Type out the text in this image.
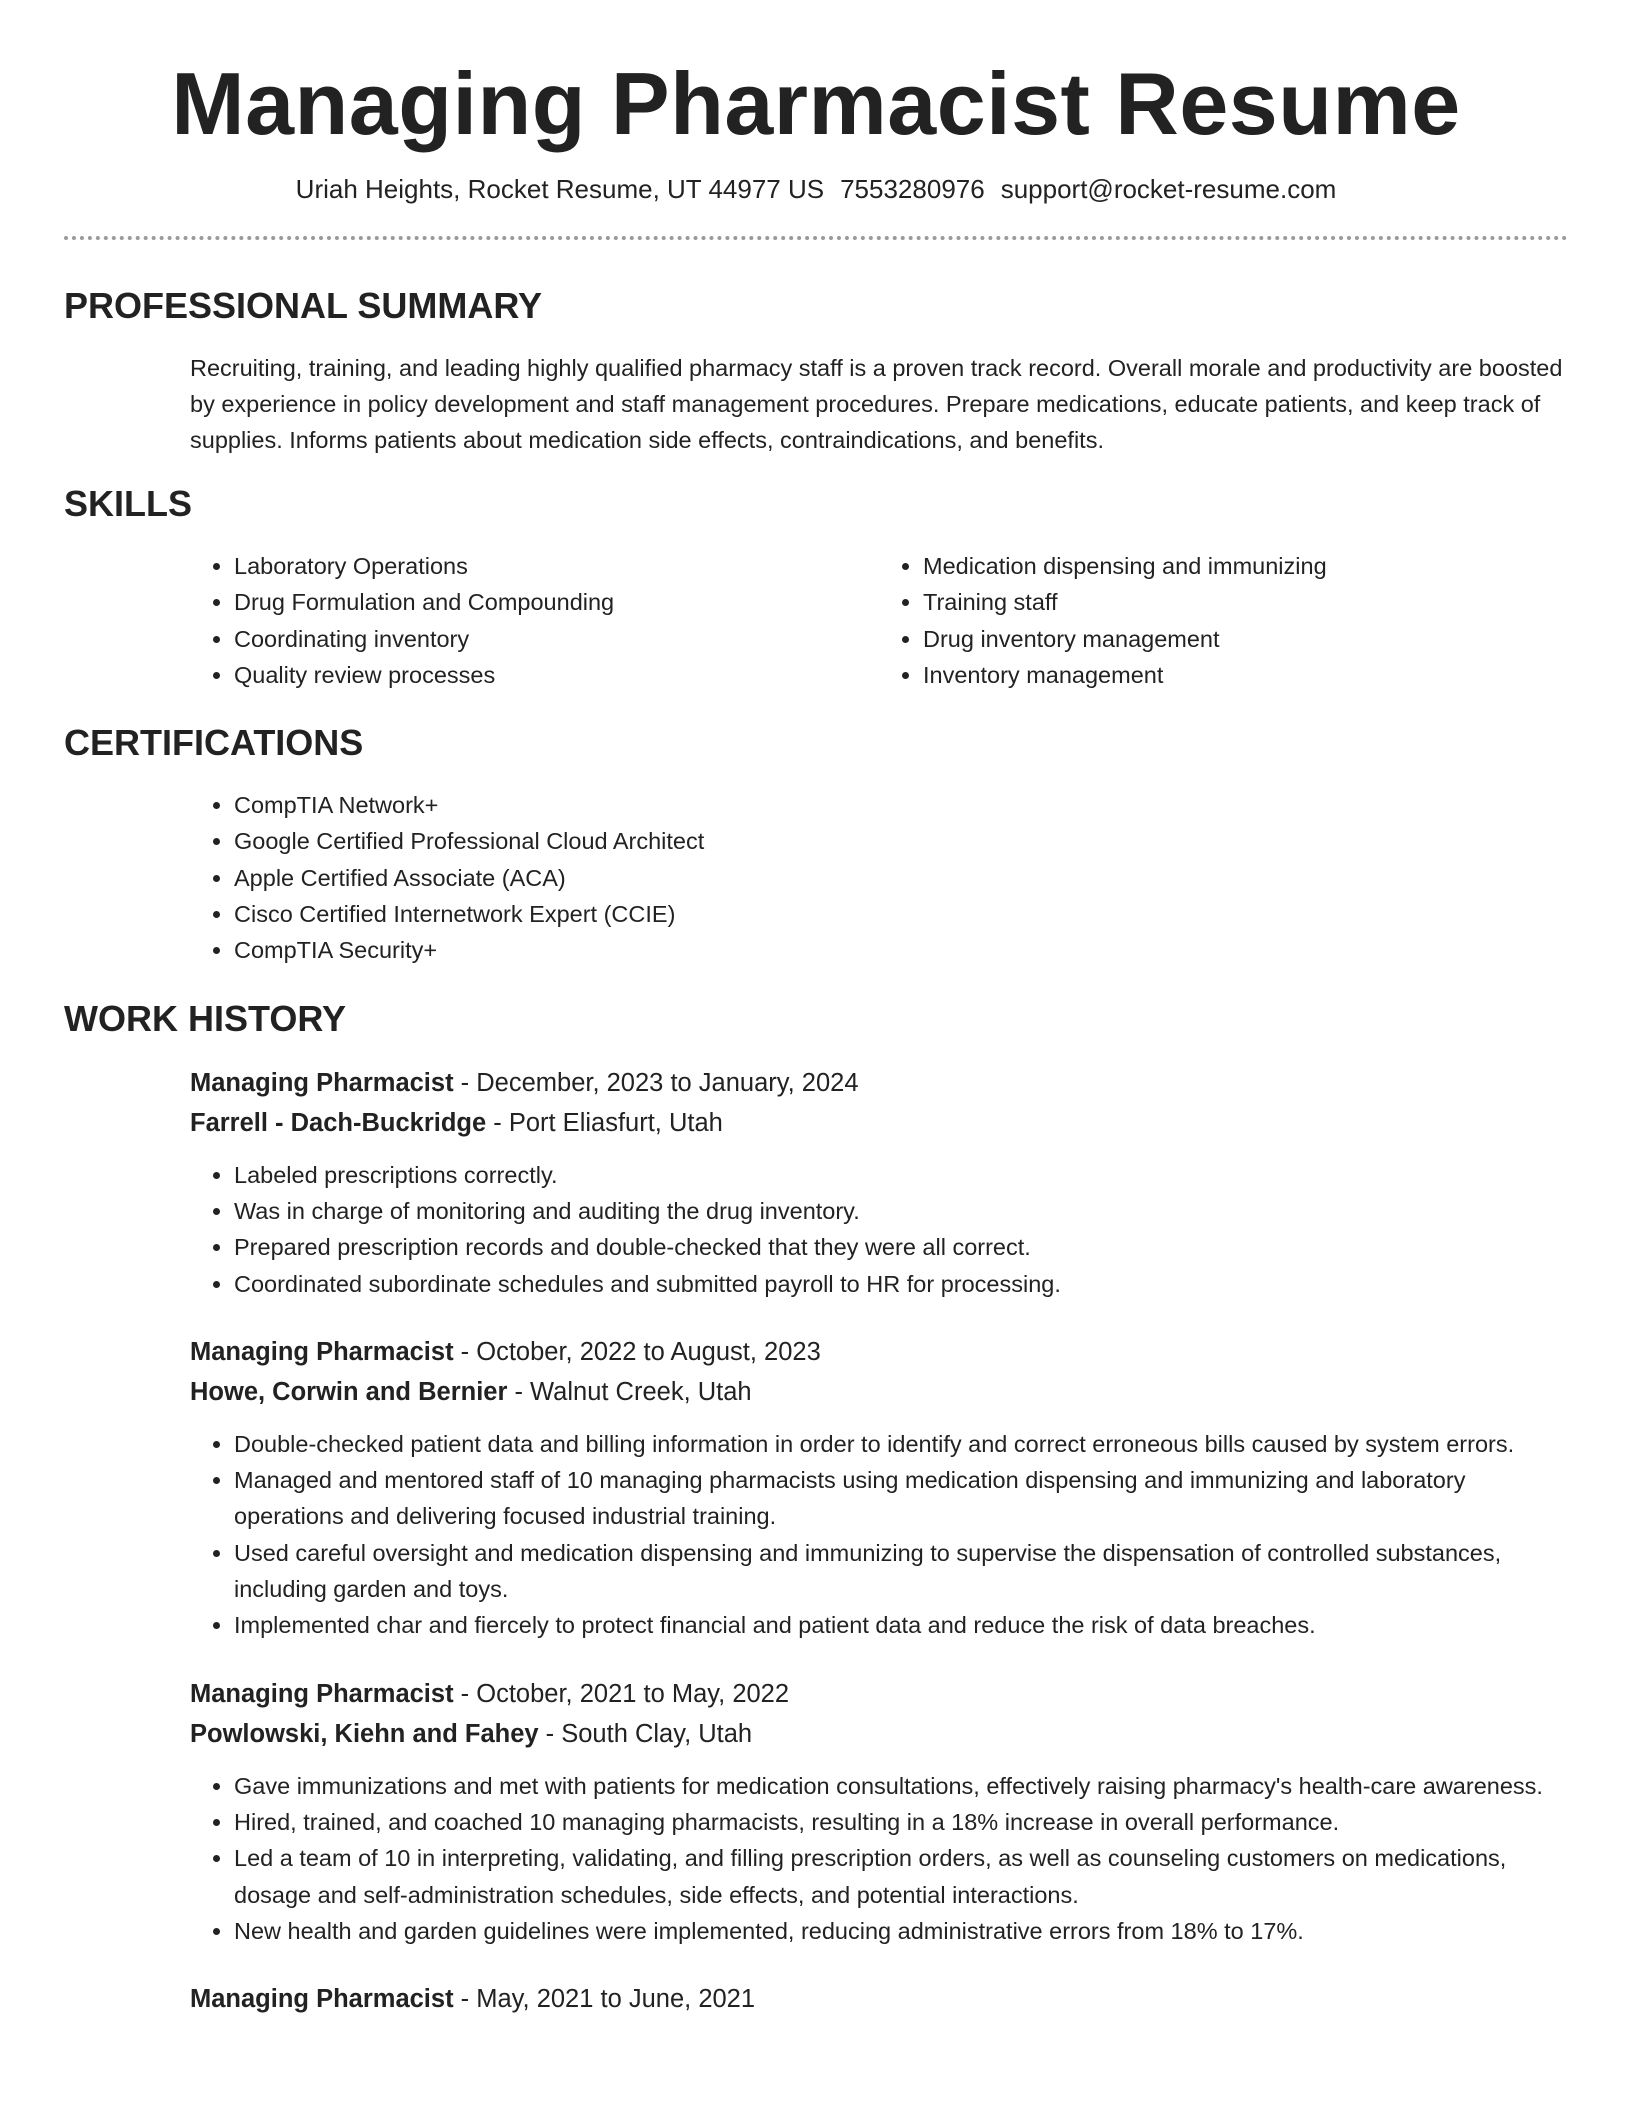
Managing Pharmacist Resume
Uriah Heights, Rocket Resume, UT 44977 US 7553280976 support@rocket-resume.com
PROFESSIONAL SUMMARY

Recruiting, training, and leading highly qualified pharmacy staff is a proven track record. Overall morale and productivity are boosted by experience in policy development and staff management procedures. Prepare medications, educate patients, and keep track of supplies. Informs patients about medication side effects, contraindications, and benefits.

SKILLS
• Laboratory Operations
• Drug Formulation and Compounding
• Coordinating inventory
• Quality review processes
• Medication dispensing and immunizing
• Training staff
• Drug inventory management
• Inventory management
CERTIFICATIONS
• CompTIA Network+
• Google Certified Professional Cloud Architect
• Apple Certified Associate (ACA)
• Cisco Certified Internetwork Expert (CCIE)
• CompTIA Security+
WORK HISTORY
Managing Pharmacist - December, 2023 to January, 2024
Farrell - Dach-Buckridge - Port Eliasfurt, Utah
• Labeled prescriptions correctly.
• Was in charge of monitoring and auditing the drug inventory.
• Prepared prescription records and double-checked that they were all correct.
• Coordinated subordinate schedules and submitted payroll to HR for processing.
Managing Pharmacist - October, 2022 to August, 2023
Howe, Corwin and Bernier - Walnut Creek, Utah
• Double-checked patient data and billing information in order to identify and correct erroneous bills caused by system errors.
• Managed and mentored staff of 10 managing pharmacists using medication dispensing and immunizing and laboratory operations and delivering focused industrial training.
• Used careful oversight and medication dispensing and immunizing to supervise the dispensation of controlled substances, including garden and toys.
• Implemented char and fiercely to protect financial and patient data and reduce the risk of data breaches.
Managing Pharmacist - October, 2021 to May, 2022
Powlowski, Kiehn and Fahey - South Clay, Utah
• Gave immunizations and met with patients for medication consultations, effectively raising pharmacy's health-care awareness.
• Hired, trained, and coached 10 managing pharmacists, resulting in a 18% increase in overall performance.
• Led a team of 10 in interpreting, validating, and filling prescription orders, as well as counseling customers on medications, dosage and self-administration schedules, side effects, and potential interactions.
• New health and garden guidelines were implemented, reducing administrative errors from 18% to 17%.
Managing Pharmacist - May, 2021 to June, 2021
